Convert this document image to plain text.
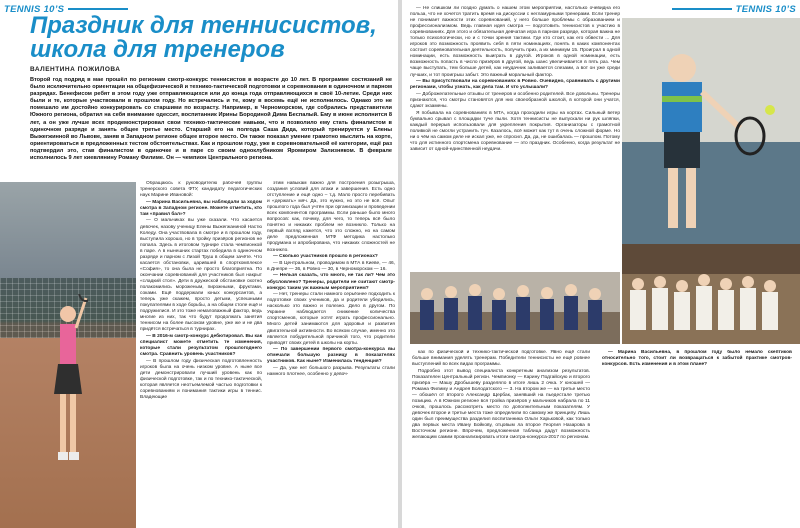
TENNIS 10’S
Праздник для теннисистов,
школа для тренеров
ВАЛЕНТИНА ПОЖИЛОВА
Второй год подряд в мае прошёл по регионам смотр-конкурс теннисистов в возрасте до 10 лет. В программе состязаний не было исключительно ориентации на общефизической и технико-тактической подготовки и соревнования в одиночном и парном разрядах. Бенефисом ребят в этом году уже отправляющихся или до конца года отправляющихся в своё 10-летие. Среди них были и те, которые участвовали в прошлом году. Но встречались и те, кому в восемь ещё не исполнилось. Однако это не помешало им достойно конкурировать со старшими по возрасту. Например, в Черноморском, где собрались представители Южного региона, обратил на себя внимание одессит, воспитанник Ирины Бородиной Дима Беспалый. Ему в июне исполнится 8 лет, а он уже лучше всех продемонстрировал свои технико-тактические навыки, что и позволило ему стать финалистом в одиночном разряде и занять общее третье место. Старший его на полгода Саша Дида, который тренируется у Елены Выжегжинной во Львове, заняв в Западном регионе общее второе место. Он также показал умение грамотно мыслить на корте, ориентироваться в предложенных тестом обстоятельствах. Как и прошлом году, уже в соревновательной её категории, ещё раз подтвердил это, став финалистом в одиночке и в паре со своим одноклубником Яромиром Зализняком. В феврале исполнилось 9 лет киевлянину Роману Филиме. Он — чемпион Центрального региона.

Обращаюсь к руководителю рабочей группы тренерского совета ФТУ, кандидату педагогических наук Марине Ивановой:

— Марина Васильевна, вы наблюдали за ходом смотра в Западном регионе. Можете отметить, кто там «правил бал»?

— О мальчиках вы уже сказали. Что касается девочек, назову ученицу Елены Выжегжаниной Настю Коледу. Она участвовала в смотре и в прошлом году, выступила хорошо, но в тройку призёров регионов не попала. Здесь в итоговом турнире стала чемпионкой в паре. А в нынешних стартах победила в одиночном разряде и парном с Лизой Труш в общем зачёте. Что касается обстановки, царившей в спорткомплексе «София», то она была не просто благоприятна. По окончании соревнований для участников был накрыт «сладкий стол». Дети в дружеской обстановке охотно полакомились мороженым, пирожными, фруктами, соками. Ещё поддержали юных конкурсантов, а теперь уже скажем, просто детьми, успешными покупателями в ходе борьбы, а на общем столе ещё и подружилися. И это тоже немаловажный фактор, ведь многие из них, так что будут продолжать занятия теннисом на более высоком уровне, уже же и не два придётся встречаться в турнирах.

— В 2016-м смотр-конкурс дебютировал. Вы как специалист можете отметить те изменения, которые стали результатом прошлогоднего смотра. Сравнить уровень участников?

— В прошлом году физическая подготовленность игроков была на очень низком уровне. А ныне все дети демонстрировали лучший уровень как по физической подготовке, так и по технико-тактической, которая является неотъемлемой частью подготовки к соревнованиям и понимания тактики игры в теннис. Владеющие

этим навыкам важно для построения розыгрыша, создания условий для атаки и завершения. Есть одно отступление и ещё одно – т.д. Мало просто перебивать и «держать» мяч. Да, это нужно, но это не всё. Опыт прошлого года был учтён при организации и проведении всех компонентов программы. Если раньше было много вопросов: как, почему, для чего, то теперь всё было понятно и никаких проблем не возникло. Только на первый взгляд кажется, что это сложно, но на самом деле предложенная МТФ методика настолько продумана и апробирована, что никаких сложностей не возникло.

— Сколько участников прошло в регионах?

— В Центральном, проводимом в МТА в Киеве, — 46, в Днепре — 36, в Ровно — 30, в Черноморском — 16.

— Нельзя сказать, что много, не так ли? Чем это обусловлено? Тренеры, родители не считают смотр-конкурс таким уж важным мероприятием?

— Нет, тренеры стали намного серьёзнее подходить к подготовке своих учеников, да и родители убедились, насколько это важно и полезно. Дело в другом. По Украине наблюдается снижение количества спортсменов, которые хотят играть профессионально. Много детей занимаются для здоровья и развития двигательной активности. Во всяком случае, именно это является побудительной причиной того, что родители приводят своих детей в школы на корты.

— По завершении первого смотра-конкурса вы отмечали большую разницу в показателях участников. Как ныне? Изменилась тенденция?

— Да, уже нет большого разрыва. Результаты стали намного плотнее, особенно у девоч-

TENNIS 10’S

— Не слишком ли поздно думать о нашем этом мероприятии, настолько очевидна его польза, что не хочется тратить время на дискуссии с негламурными тренерами. Если тренер не понимает важности этих соревнований, у него больше проблемы с образованием и профессионализмом. Ведь главная идея смотра — подготовить теннисистов к участию в соревнованиях. Для этого и обязательная девчатая игра в парном разряде, которая важна не только психологически, но и с точки зрения тактики. Где кто стоит, как его обвести ... Для игроков это возможность проявить себя в пяти номинациях, понять в каких компонентах состоит соревновательная деятельность, получить приз, а их минимум 15. Проиграл в одной номинации, есть возможность выиграть в другой. Игроков в одной номинации, есть возможность попасть в число призёров в другой, ведь шанс увеличивается в пять раз. Чем чаще выступать, тем больше детей, как неудачник заливается слезами, а вот он уже среди лучших, и тот проигрыш забыт. Это важный моральный фактор.

— Вы присутствовали на соревнованиях в Ровно. Очевидно, сравнивать с другими регионами, чтобы узнать, как дела там. И что услышали?

— Доброжелательные отзывы от тренеров и особенно родителей. Все довольны. Тренеры признаются, что смотры становятся для них своеобразной школой, в которой они учатся, сдают экзамены.

Я побывала на соревнованиях в МТА, когда проходили игры на кортах. Сильный ветер буквально срывал с площадки туче пыли. Хотя теннисисты не выпускали ни рук шляпки, каждый перерыв использовали для укрепления покрытия. Организаторы с грамотной поливкой не смогли устранить туч. Казалось, всё может как тут в очень сложной форме. Но ни о чём на самом деле не искал уже, не спросил. Да, да, не ошибалась — прошлом. Потому что для истинного спортсмена соревнование — это праздник. Особенно, когда результат не зависит от одной-единственной неудачи.

ках по физической и технико-тактической подготовке. Явно ещё стали больше внимания уделять тренерам. Победители теннисисты не ещё ровнее выступлений во всех видах программы.

Подробно этот вывод специалиста конкретным анализом результатов. Показателен Центральный регион. Чемпионку — Карину Подгайскую и второго призёра — Машу Дробышеву разделяло в итоге лишь 2 очка. У юношей — Романа Филиму и Андрея Болодатского — 3. На втором же — на третье место — обошёл от второго Александр Щербак, занявший на пьедестале третью позицию. А в Южном регионе вся тройка призёров у мальчиков набрала по 11 очков, прошлось рассмотреть место по дополнительным показателям. У девочек второе и третье места тоже определили по самому же принципу. Лишь один был преимущества разделил воспитанника Ольги Харьковой, как только два первых места Ивану Бойкову, отцовым ла второе Георгия Назарова в Восточном регионе. Впрочем, предложенная таблица дадут возможность желающим самим проанализировать итоги смотра-конкурса-2017 по регионам.

— Марина Васильевна, в прошлом году было немало скептиков относительно того, стоит ли возвращаться к забытой практике смотров-конкурсов. Есть изменения и в этом плане?
